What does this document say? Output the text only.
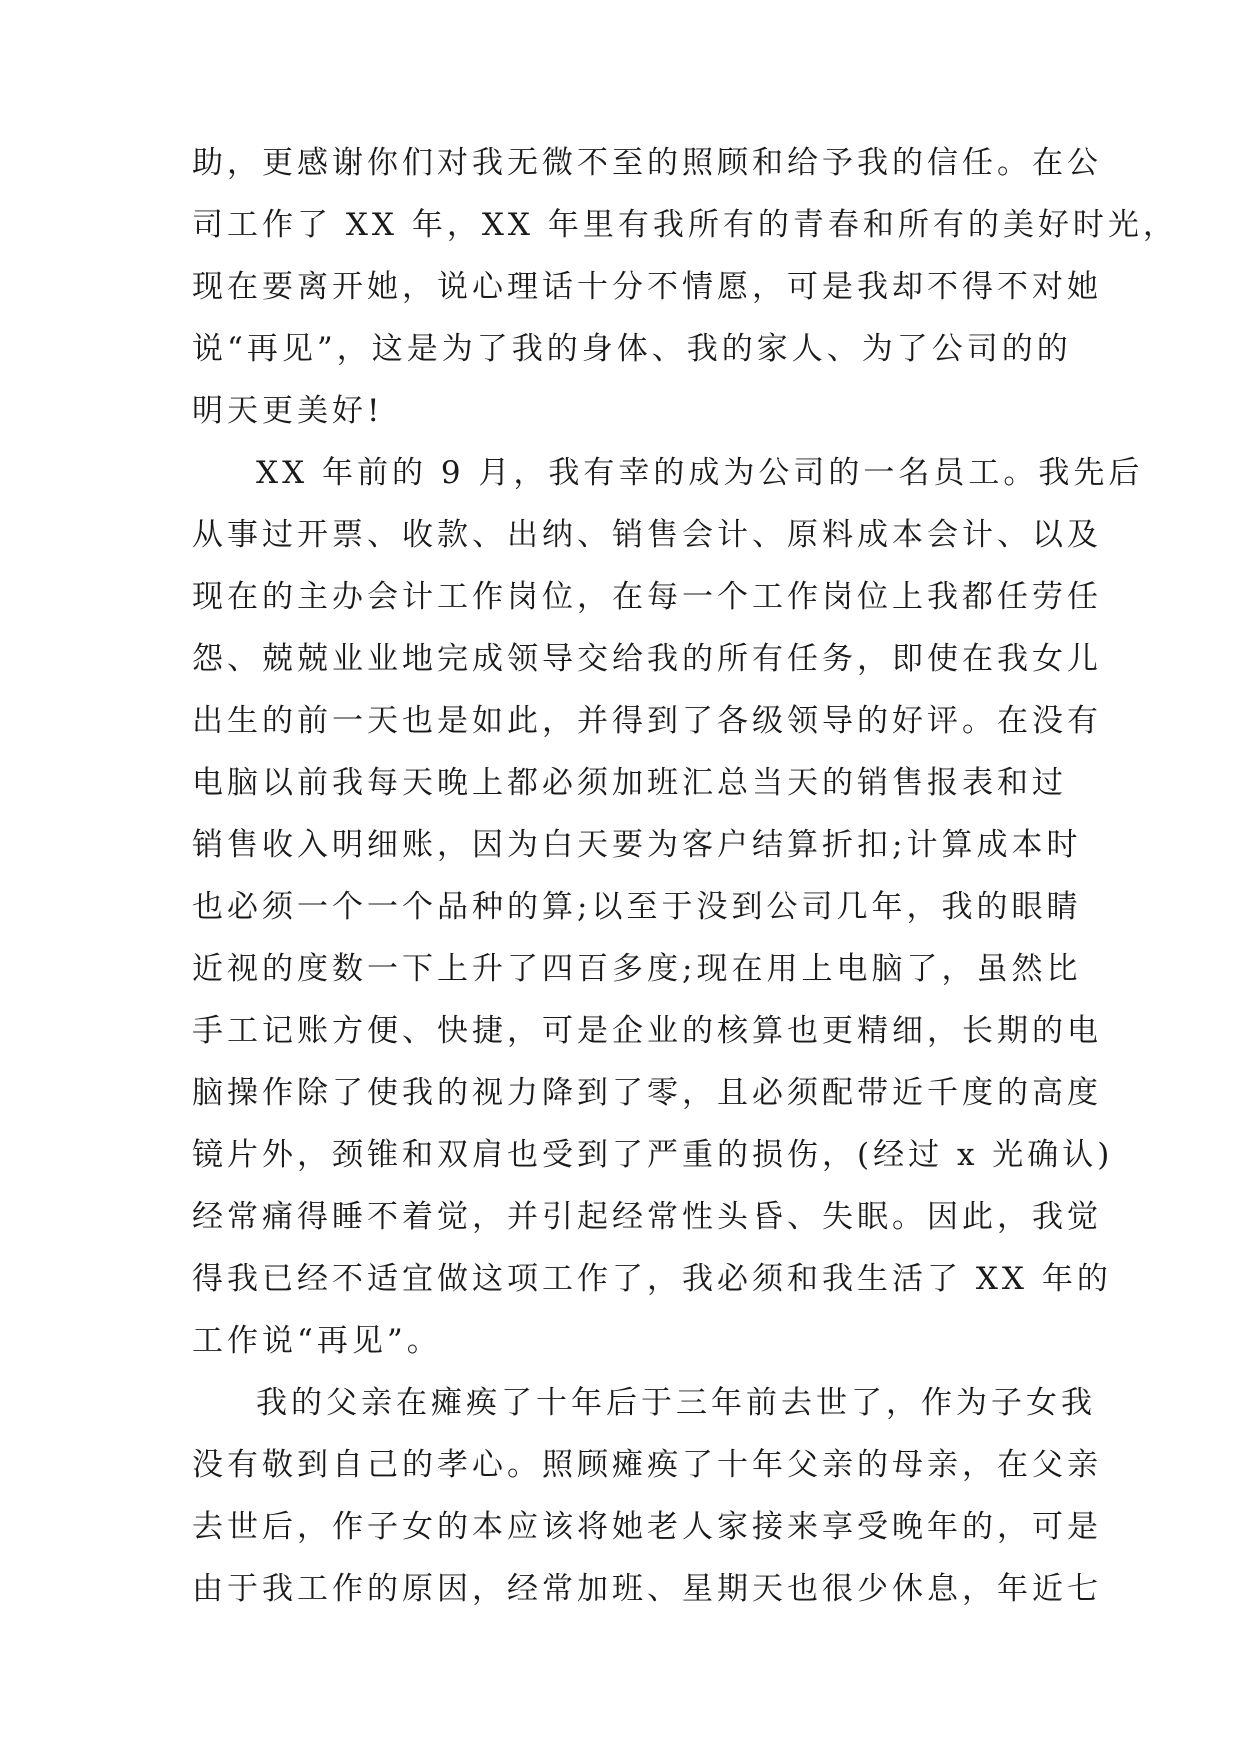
助，更感谢你们对我无微不至的照顾和给予我的信任。在公
司工作了 XX 年，XX 年里有我所有的青春和所有的美好时光，
现在要离开她，说心理话十分不情愿，可是我却不得不对她
说“再见”，这是为了我的身体、我的家人、为了公司的的
明天更美好!
XX 年前的 9 月，我有幸的成为公司的一名员工。我先后
从事过开票、收款、出纳、销售会计、原料成本会计、以及
现在的主办会计工作岗位，在每一个工作岗位上我都任劳任
怨、兢兢业业地完成领导交给我的所有任务，即使在我女儿
出生的前一天也是如此，并得到了各级领导的好评。在没有
电脑以前我每天晚上都必须加班汇总当天的销售报表和过
销售收入明细账，因为白天要为客户结算折扣;计算成本时
也必须一个一个品种的算;以至于没到公司几年，我的眼睛
近视的度数一下上升了四百多度;现在用上电脑了，虽然比
手工记账方便、快捷，可是企业的核算也更精细，长期的电
脑操作除了使我的视力降到了零，且必须配带近千度的高度
镜片外，颈锥和双肩也受到了严重的损伤，(经过 x 光确认)
经常痛得睡不着觉，并引起经常性头昏、失眠。因此，我觉
得我已经不适宜做这项工作了，我必须和我生活了 XX 年的
工作说“再见”。
我的父亲在瘫痪了十年后于三年前去世了，作为子女我
没有敬到自己的孝心。照顾瘫痪了十年父亲的母亲，在父亲
去世后，作子女的本应该将她老人家接来享受晚年的，可是
由于我工作的原因，经常加班、星期天也很少休息，年近七
